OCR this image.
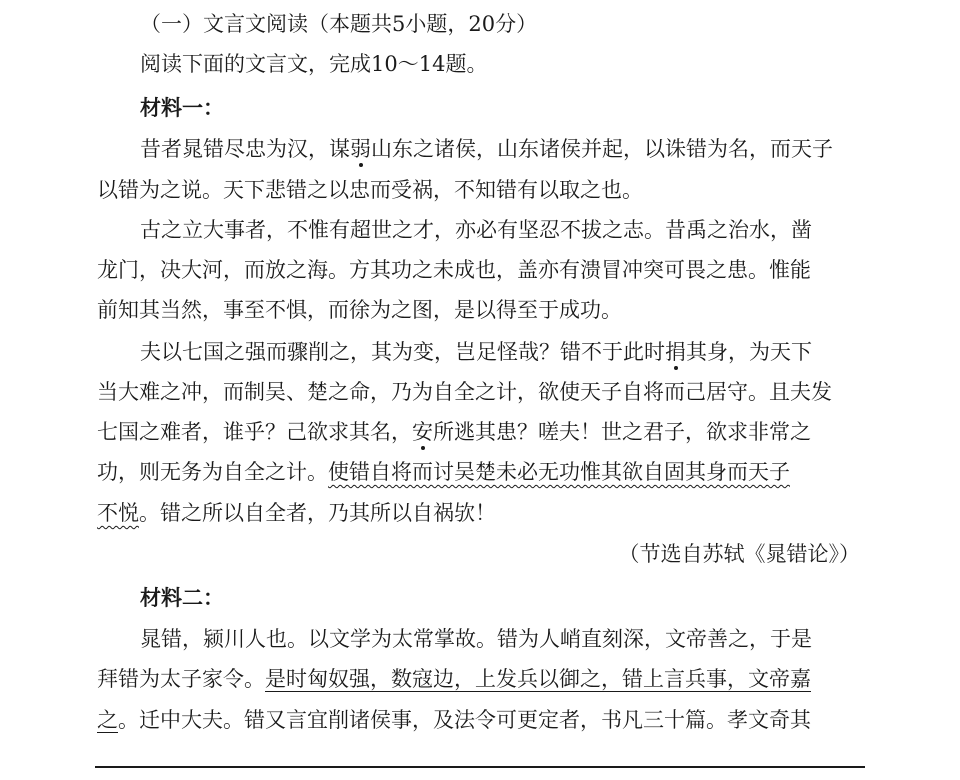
（一）文言文阅读（本题共5小题，20分）
阅读下面的文言文，完成10～14题。
材料一：
昔者晁错尽忠为汉，谋弱山东之诸侯，山东诸侯并起，以诛错为名，而天子
以错为之说。天下悲错之以忠而受祸，不知错有以取之也。
古之立大事者，不惟有超世之才，亦必有坚忍不拔之志。昔禹之治水，凿
龙门，决大河，而放之海。方其功之未成也，盖亦有溃冒冲突可畏之患。惟能
前知其当然，事至不惧，而徐为之图，是以得至于成功。
夫以七国之强而骤削之，其为变，岂足怪哉？错不于此时捐其身，为天下
当大难之冲，而制吴、楚之命，乃为自全之计，欲使天子自将而己居守。且夫发
七国之难者，谁乎？己欲求其名，安所逃其患？嗟夫！世之君子，欲求非常之
功，则无务为自全之计。使错自将而讨吴楚未必无功惟其欲自固其身而天子
不悦。错之所以自全者，乃其所以自祸欤！
（节选自苏轼《晁错论》）
材料二：
晁错，颍川人也。以文学为太常掌故。错为人峭直刻深，文帝善之，于是
拜错为太子家令。是时匈奴强，数寇边，上发兵以御之，错上言兵事，文帝嘉
之。迁中大夫。错又言宜削诸侯事，及法令可更定者，书凡三十篇。孝文奇其
